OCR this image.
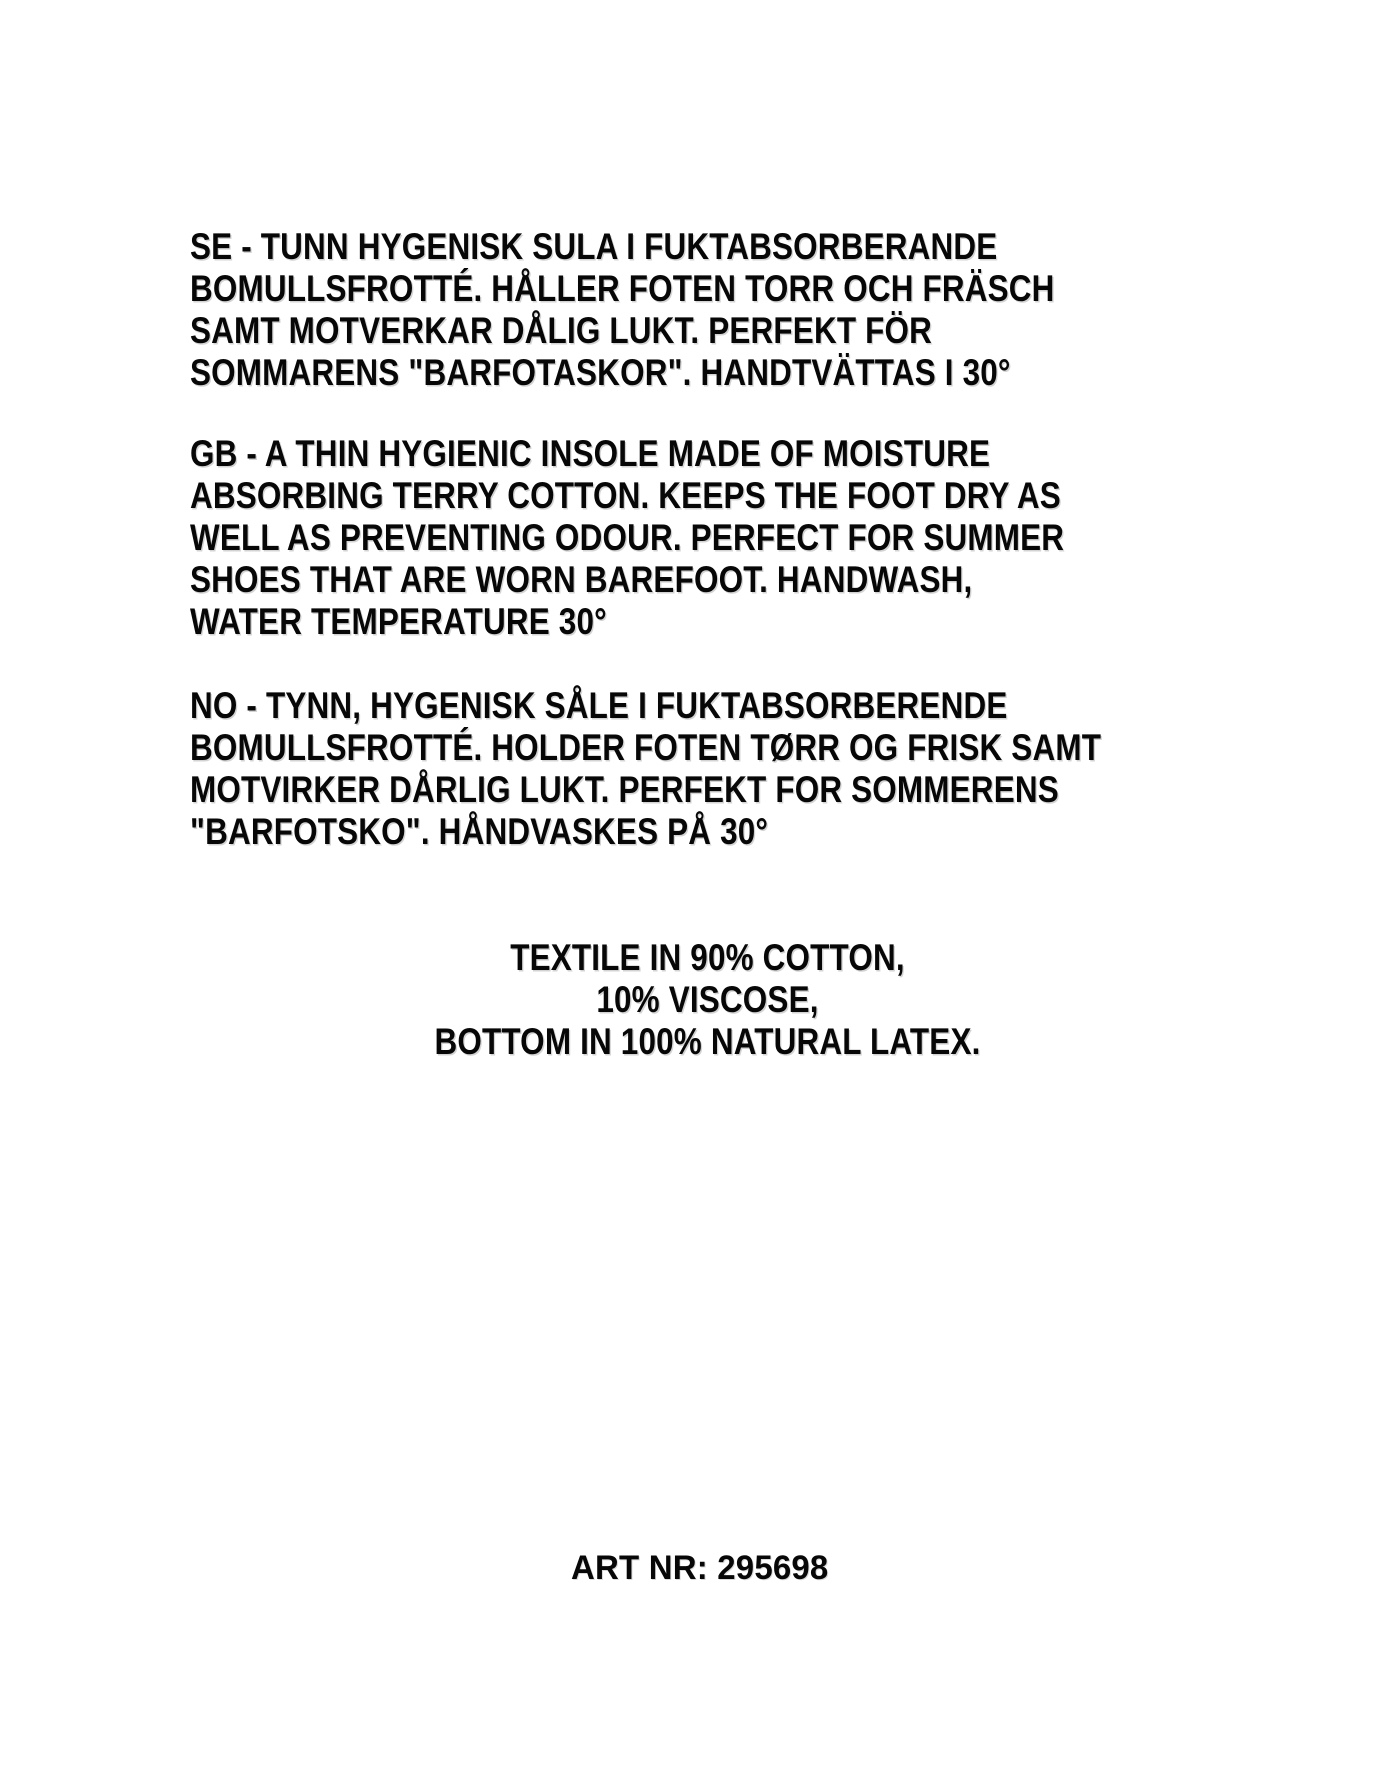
SE - TUNN HYGENISK SULA I FUKTABSORBERANDE
BOMULLSFROTTÉ. HÅLLER FOTEN TORR OCH FRÄSCH
SAMT MOTVERKAR DÅLIG LUKT. PERFEKT FÖR
SOMMARENS "BARFOTASKOR". HANDTVÄTTAS I 30°
GB - A THIN HYGIENIC INSOLE MADE OF MOISTURE
ABSORBING TERRY COTTON. KEEPS THE FOOT DRY AS
WELL AS PREVENTING ODOUR. PERFECT FOR SUMMER
SHOES THAT ARE WORN BAREFOOT. HANDWASH,
WATER TEMPERATURE 30°
NO - TYNN, HYGENISK SÅLE I FUKTABSORBERENDE
BOMULLSFROTTÉ. HOLDER FOTEN TØRR OG FRISK SAMT
MOTVIRKER DÅRLIG LUKT. PERFEKT FOR SOMMERENS
"BARFOTSKO". HÅNDVASKES PÅ 30°
TEXTILE IN 90% COTTON,
10% VISCOSE,
BOTTOM IN 100% NATURAL LATEX.
ART NR: 295698
